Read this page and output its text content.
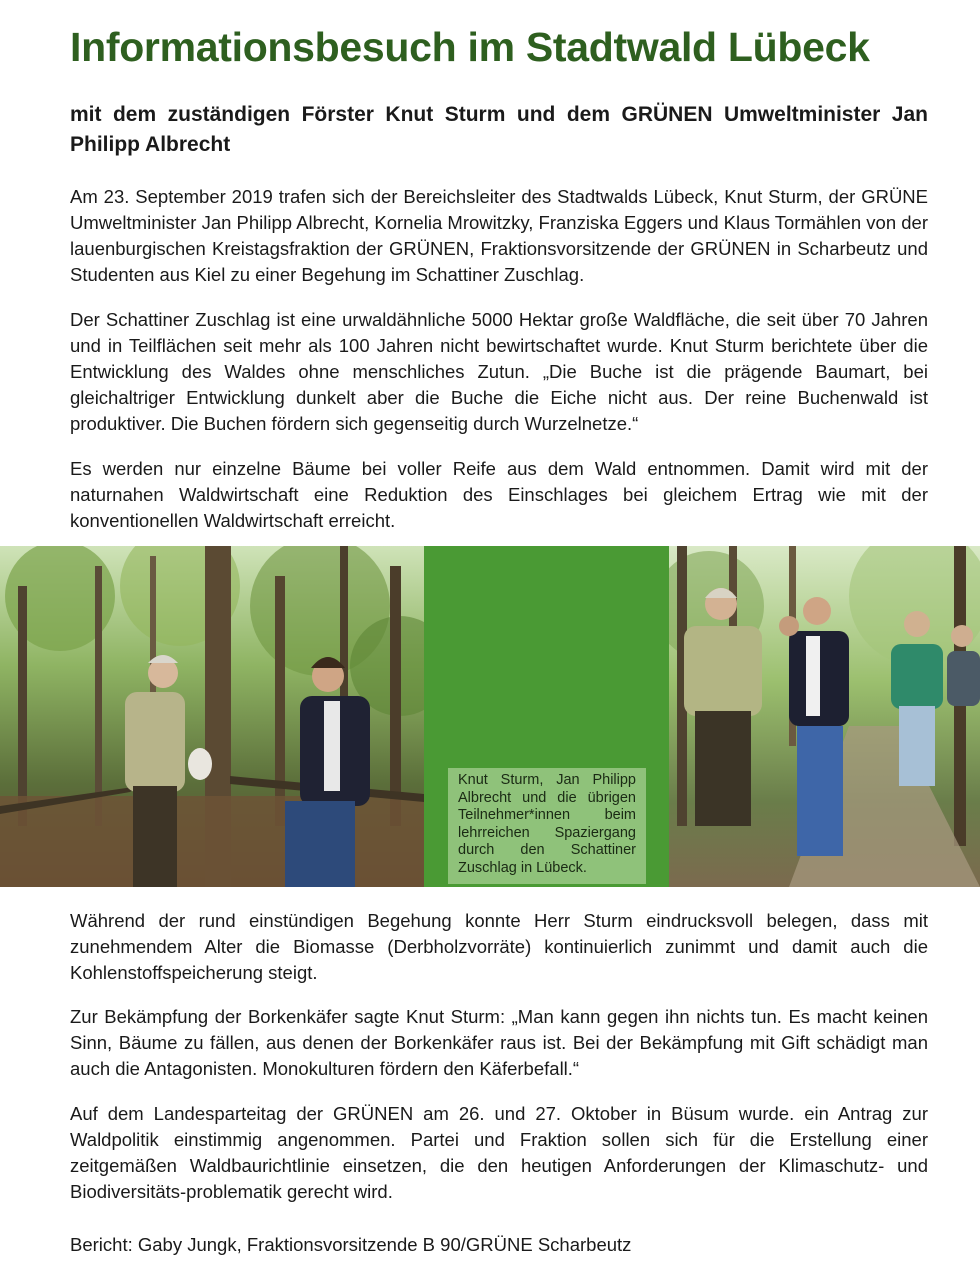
Informationsbesuch im Stadtwald Lübeck
mit dem zuständigen Förster Knut Sturm und dem GRÜNEN Umweltminister Jan Philipp Albrecht

Am 23. September 2019 trafen sich der Bereichsleiter des Stadtwalds Lübeck, Knut Sturm, der GRÜNE Umweltminister Jan Philipp Albrecht, Kornelia Mrowitzky, Franziska Eggers und Klaus Tormählen von der lauenburgischen Kreistagsfraktion der GRÜNEN, Fraktionsvorsitzende der GRÜNEN in Scharbeutz und Studenten aus Kiel zu einer Begehung im Schattiner Zuschlag.

Der Schattiner Zuschlag ist eine urwaldähnliche 5000 Hektar große Waldfläche, die seit über 70 Jahren und in Teilflächen seit mehr als 100 Jahren nicht bewirtschaftet wurde. Knut Sturm berichtete über die Entwicklung des Waldes ohne menschliches Zutun. „Die Buche ist die prägende Baumart, bei gleichaltriger Entwicklung dunkelt aber die Buche die Eiche nicht aus. Der reine Buchenwald ist produktiver. Die Buchen fördern sich gegenseitig durch Wurzelnetze.“

Es werden nur einzelne Bäume bei voller Reife aus dem Wald entnommen. Damit wird mit der naturnahen Waldwirtschaft eine Reduktion des Einschlages bei gleichem Ertrag wie mit der konventionellen Waldwirtschaft erreicht.

Knut Sturm, Jan Philipp Albrecht und die übrigen Teilnehmer*innen beim lehrreichen Spaziergang durch den Schattiner Zuschlag in Lübeck.

Während der rund einstündigen Begehung konnte Herr Sturm eindrucksvoll belegen, dass mit zunehmendem Alter die Biomasse (Derbholzvorräte) kontinuierlich zunimmt und damit auch die Kohlenstoffspeicherung steigt.

Zur Bekämpfung der Borkenkäfer sagte Knut Sturm: „Man kann gegen ihn nichts tun. Es macht keinen Sinn, Bäume zu fällen, aus denen der Borkenkäfer raus ist. Bei der Bekämpfung mit Gift schädigt man auch die Antagonisten. Monokulturen fördern den Käferbefall.“

Auf dem Landesparteitag der GRÜNEN am 26. und 27. Oktober in Büsum wurde. ein Antrag zur Waldpolitik einstimmig angenommen. Partei und Fraktion sollen sich für die Erstellung einer zeitgemäßen Waldbaurichtlinie einsetzen, die den heutigen Anforderungen der Klimaschutz- und Biodiversitäts-problematik gerecht wird.

Bericht: Gaby Jungk, Fraktionsvorsitzende B 90/GRÜNE Scharbeutz
